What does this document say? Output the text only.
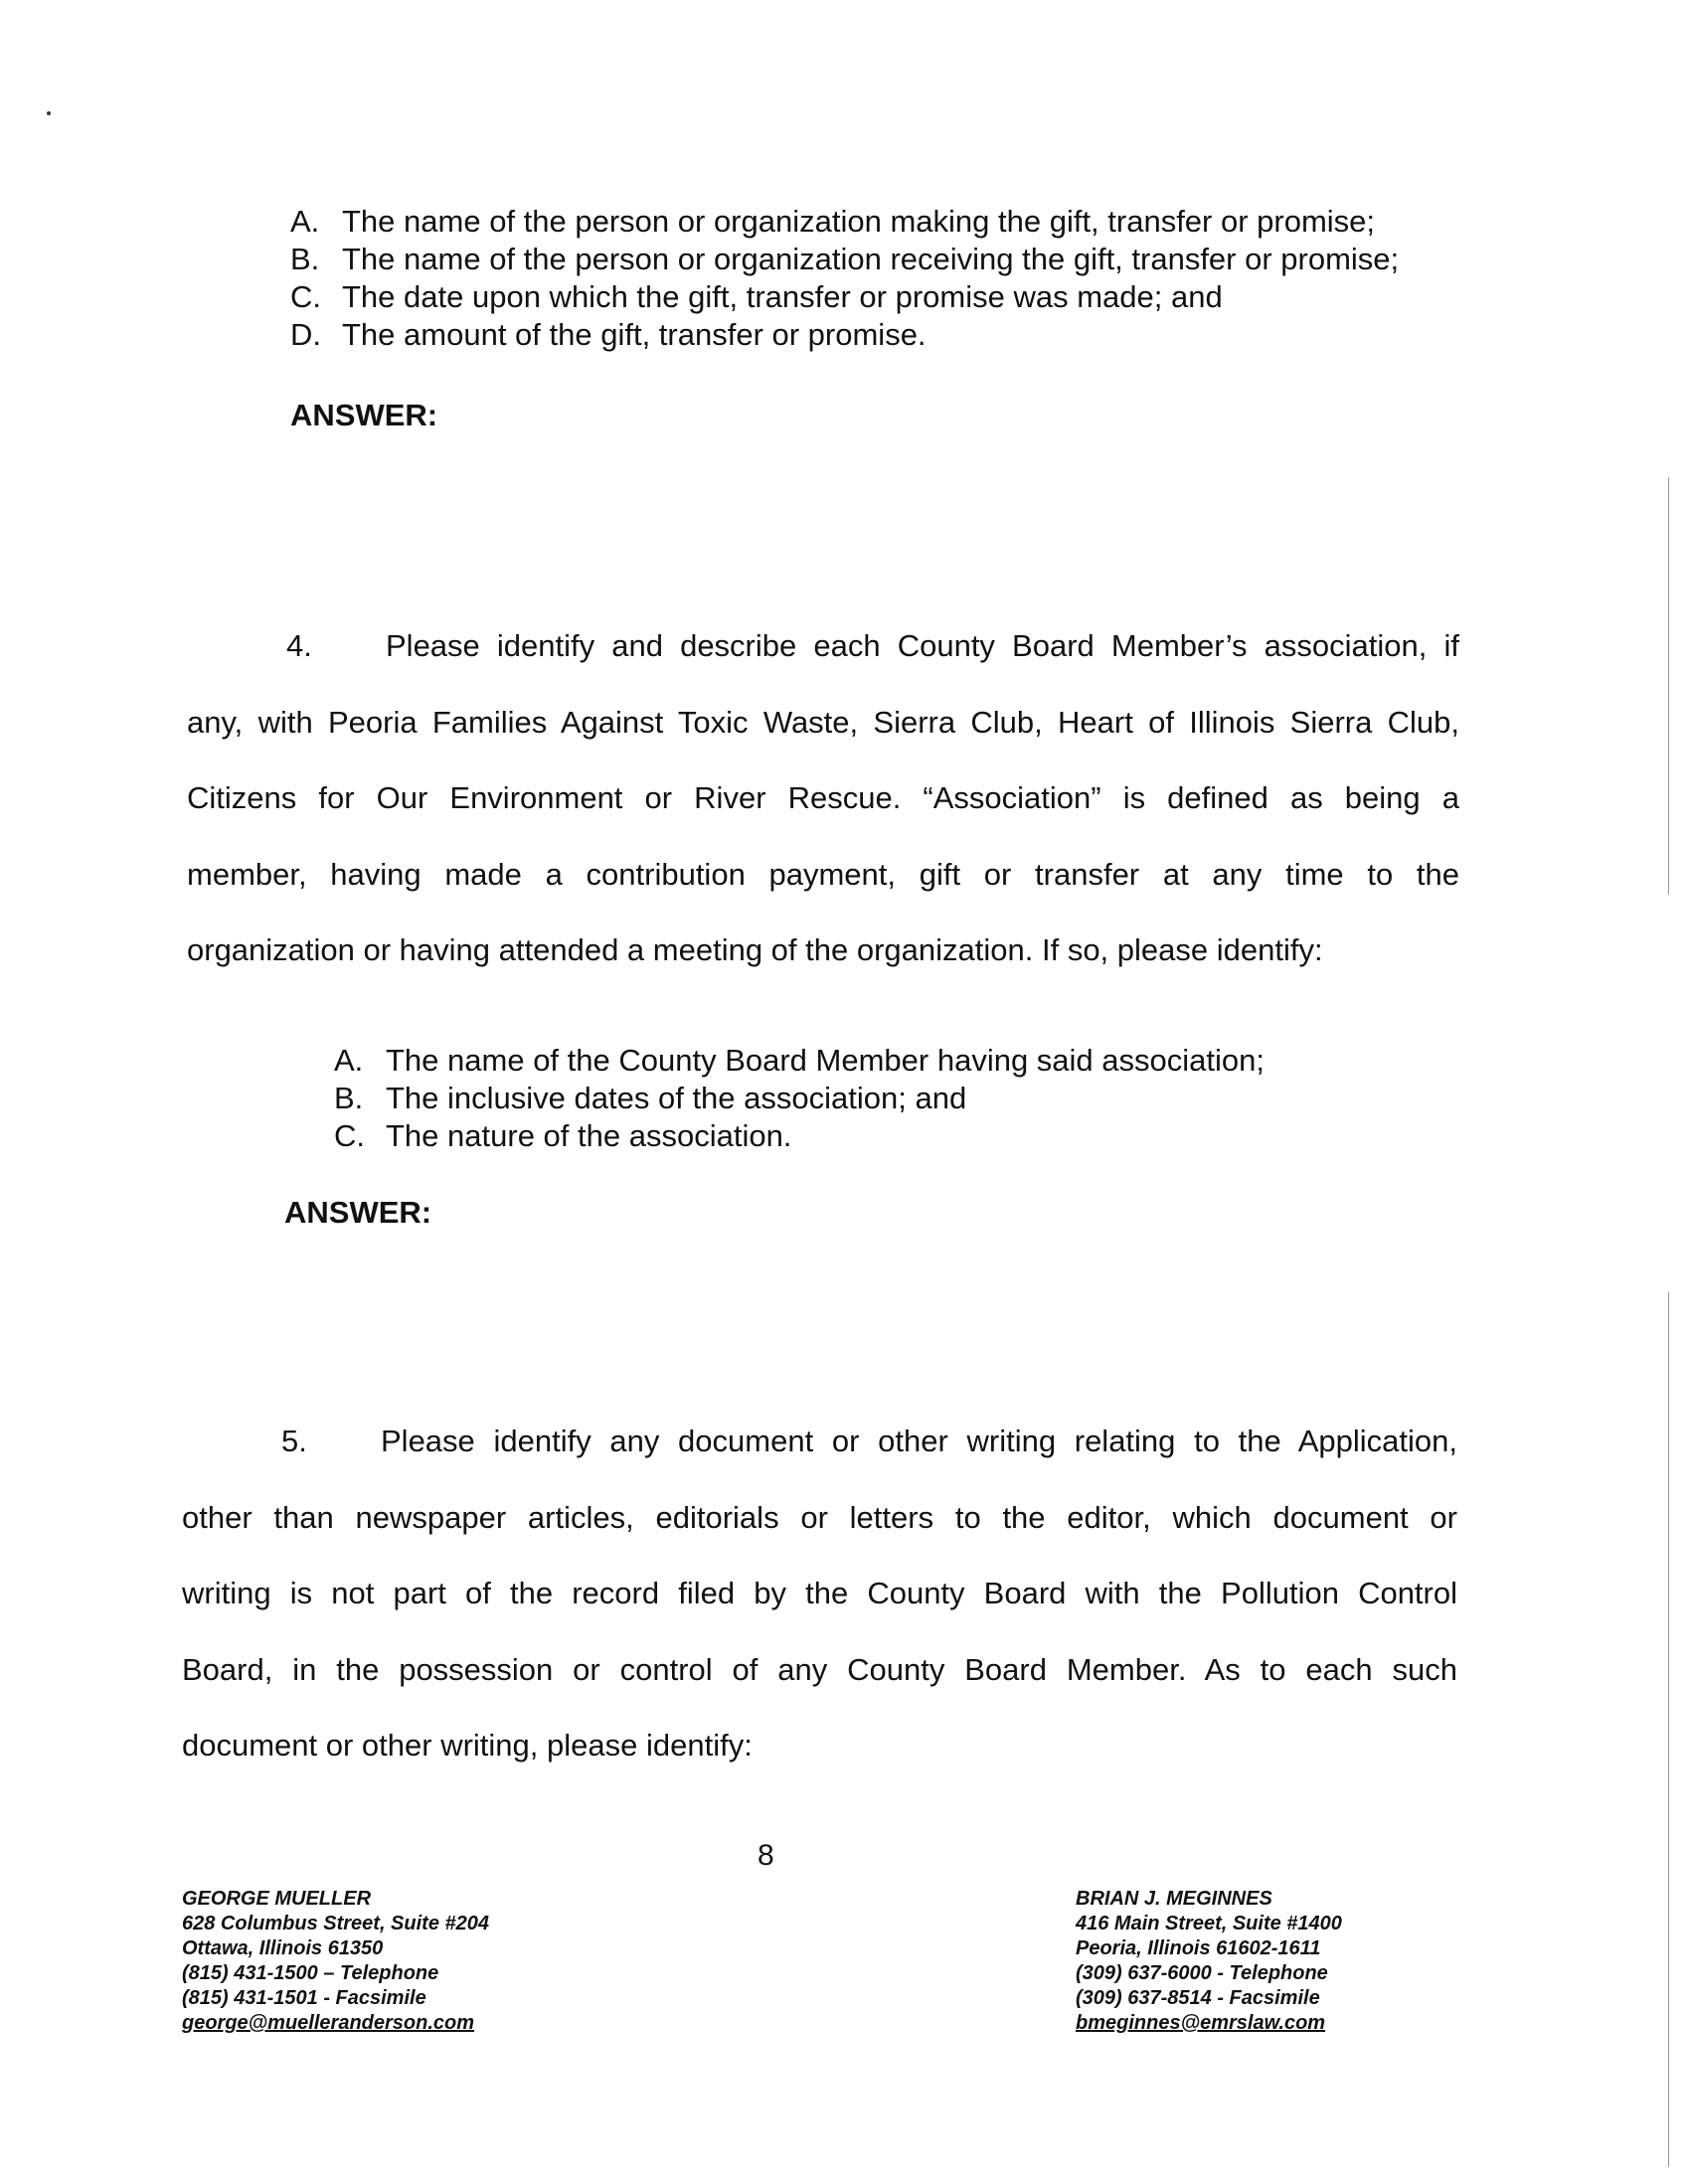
A. The name of the person or organization making the gift, transfer or promise;
B. The name of the person or organization receiving the gift, transfer or promise;
C. The date upon which the gift, transfer or promise was made; and
D. The amount of the gift, transfer or promise.
ANSWER:
4. Please identify and describe each County Board Member’s association, if
any, with Peoria Families Against Toxic Waste, Sierra Club, Heart of Illinois Sierra Club,
Citizens for Our Environment or River Rescue. “Association” is defined as being a
member, having made a contribution payment, gift or transfer at any time to the
organization or having attended a meeting of the organization. If so, please identify:
A. The name of the County Board Member having said association;
B. The inclusive dates of the association; and
C. The nature of the association.
ANSWER:
5. Please identify any document or other writing relating to the Application,
other than newspaper articles, editorials or letters to the editor, which document or
writing is not part of the record filed by the County Board with the Pollution Control
Board, in the possession or control of any County Board Member. As to each such
document or other writing, please identify:
8
GEORGE MUELLER
628 Columbus Street, Suite #204
Ottawa, Illinois 61350
(815) 431-1500 – Telephone
(815) 431-1501 - Facsimile
george@muelleranderson.com
BRIAN J. MEGINNES
416 Main Street, Suite #1400
Peoria, Illinois 61602-1611
(309) 637-6000 - Telephone
(309) 637-8514 - Facsimile
bmeginnes@emrslaw.com
